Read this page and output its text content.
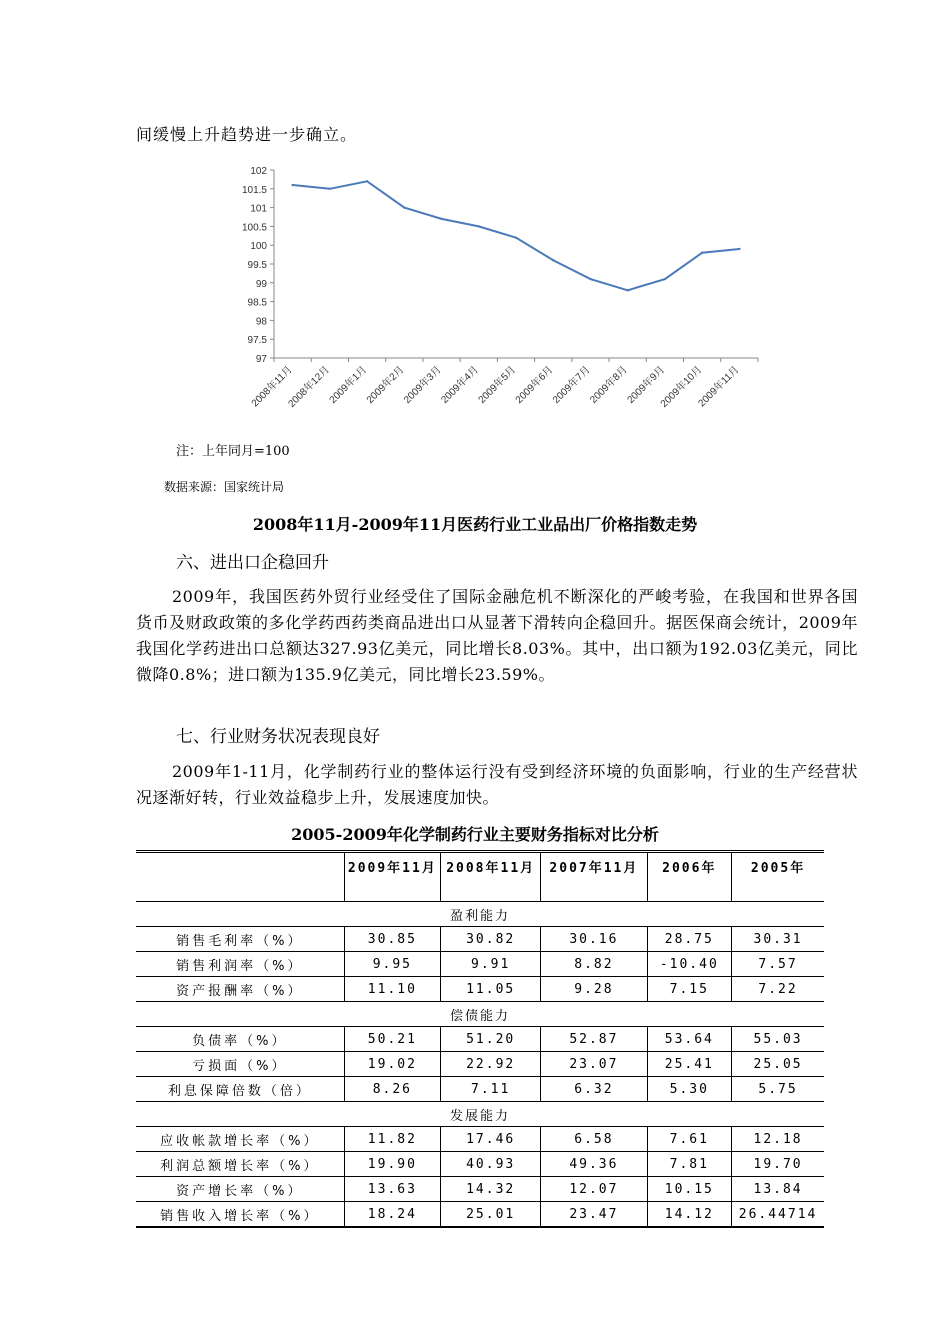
间缓慢上升趋势进一步确立。
102
101.5
101
100.5
100
99.5
99
98.5
98
97.5
97
2008年11月
2008年12月
2009年1月
2009年2月
2009年3月
2009年4月
2009年5月
2009年6月
2009年7月
2009年8月
2009年9月
2009年10月
2009年11月
注：上年同月=100
数据来源：国家统计局
2008年11月-2009年11月医药行业工业品出厂价格指数走势
六、进出口企稳回升
2009年，我国医药外贸行业经受住了国际金融危机不断深化的严峻考验，在我国和世界各国货币及财政政策的多化学药西药类商品进出口从显著下滑转向企稳回升。据医保商会统计，2009年我国化学药进出口总额达327.93亿美元，同比增长8.03%。其中，出口额为192.03亿美元，同比微降0.8%；进口额为135.9亿美元，同比增长23.59%。
七、行业财务状况表现良好
2009年1-11月，化学制药行业的整体运行没有受到经济环境的负面影响，行业的生产经营状况逐渐好转，行业效益稳步上升，发展速度加快。
2005-2009年化学制药行业主要财务指标对比分析
	2009年11月	2008年11月	2007年11月	2006年	2005年
盈利能力					
销售毛利率（%）	30.85	30.82	30.16	28.75	30.31
销售利润率（%）	9.95	9.91	8.82	-10.40	7.57
资产报酬率（%）	11.10	11.05	9.28	7.15	7.22
偿债能力					
负债率（%）	50.21	51.20	52.87	53.64	55.03
亏损面（%）	19.02	22.92	23.07	25.41	25.05
利息保障倍数（倍）	8.26	7.11	6.32	5.30	5.75
发展能力					
应收帐款增长率（%）	11.82	17.46	6.58	7.61	12.18
利润总额增长率（%）	19.90	40.93	49.36	7.81	19.70
资产增长率（%）	13.63	14.32	12.07	10.15	13.84
销售收入增长率（%）	18.24	25.01	23.47	14.12	26.44714
